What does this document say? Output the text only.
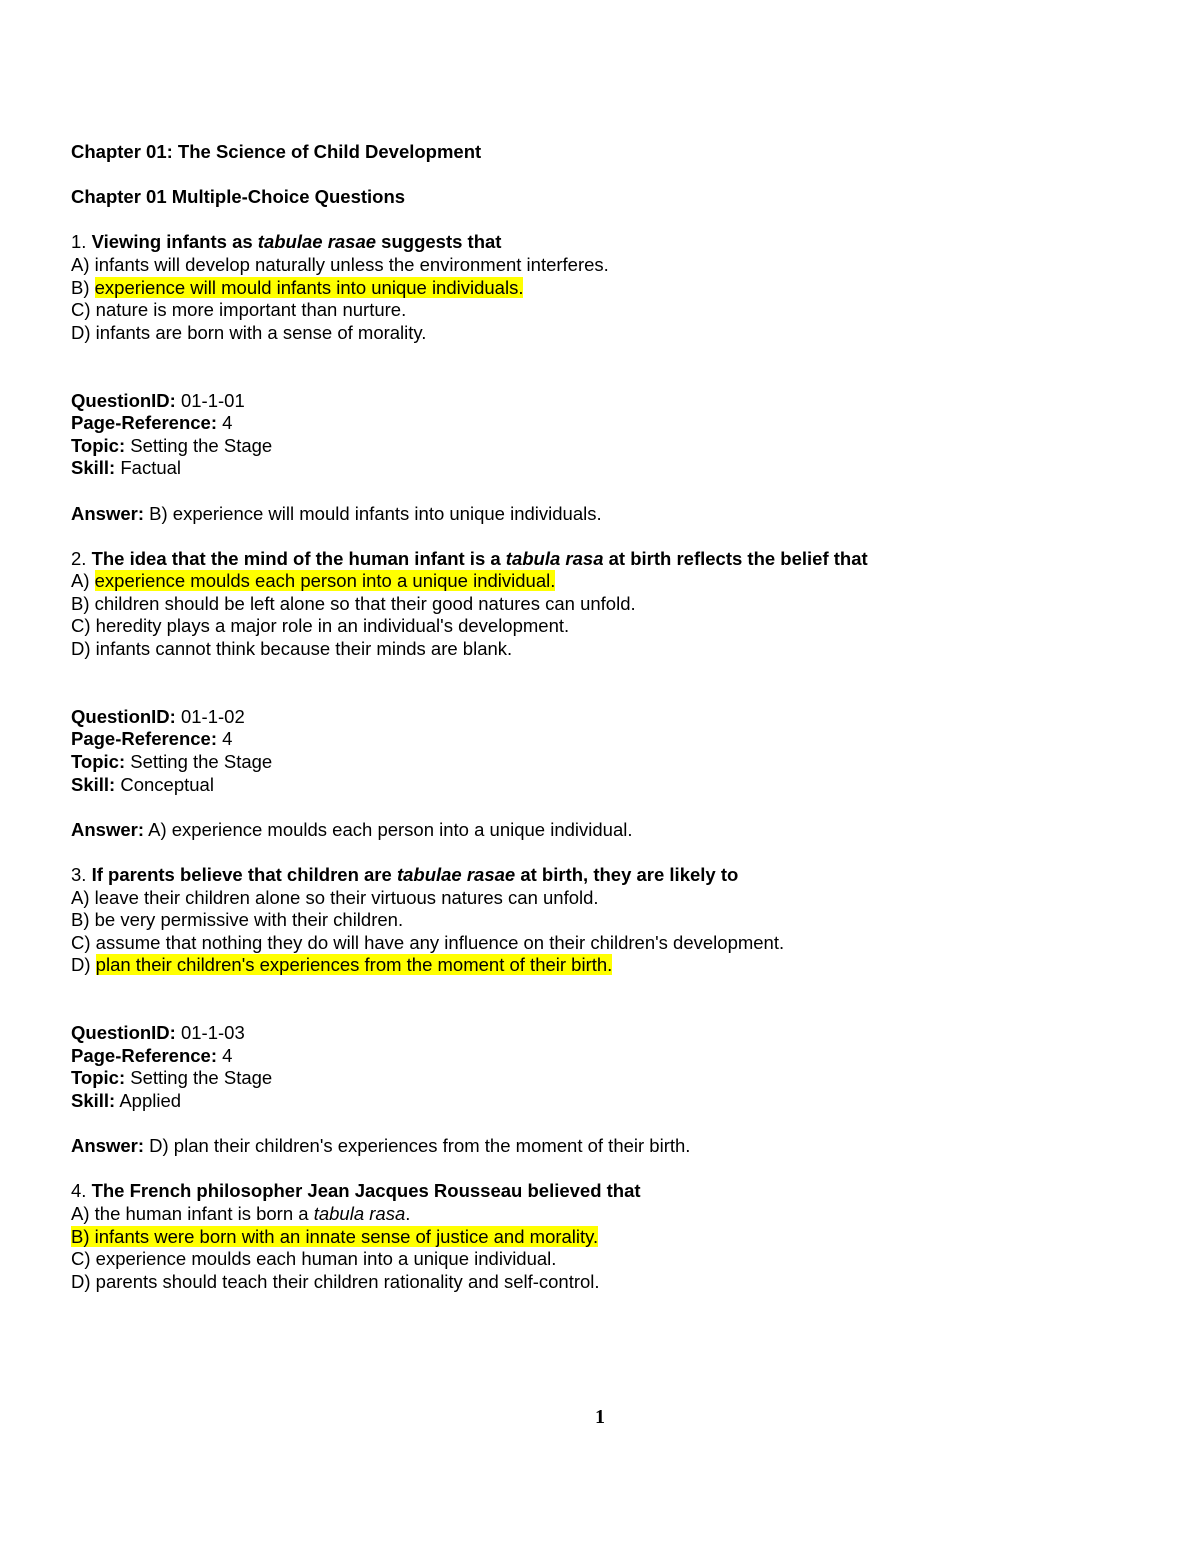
Chapter 01: The Science of Child Development
Chapter 01 Multiple-Choice Questions
1. Viewing infants as tabulae rasae suggests that
A) infants will develop naturally unless the environment interferes.
B) experience will mould infants into unique individuals.
C) nature is more important than nurture.
D) infants are born with a sense of morality.
QuestionID: 01-1-01
Page-Reference: 4
Topic: Setting the Stage
Skill: Factual
Answer: B) experience will mould infants into unique individuals.
2. The idea that the mind of the human infant is a tabula rasa at birth reflects the belief that
A) experience moulds each person into a unique individual.
B) children should be left alone so that their good natures can unfold.
C) heredity plays a major role in an individual's development.
D) infants cannot think because their minds are blank.
QuestionID: 01-1-02
Page-Reference: 4
Topic: Setting the Stage
Skill: Conceptual
Answer: A) experience moulds each person into a unique individual.
3. If parents believe that children are tabulae rasae at birth, they are likely to
A) leave their children alone so their virtuous natures can unfold.
B) be very permissive with their children.
C) assume that nothing they do will have any influence on their children's development.
D) plan their children's experiences from the moment of their birth.
QuestionID: 01-1-03
Page-Reference: 4
Topic: Setting the Stage
Skill: Applied
Answer: D) plan their children's experiences from the moment of their birth.
4. The French philosopher Jean Jacques Rousseau believed that
A) the human infant is born a tabula rasa.
B) infants were born with an innate sense of justice and morality.
C) experience moulds each human into a unique individual.
D) parents should teach their children rationality and self-control.
1
